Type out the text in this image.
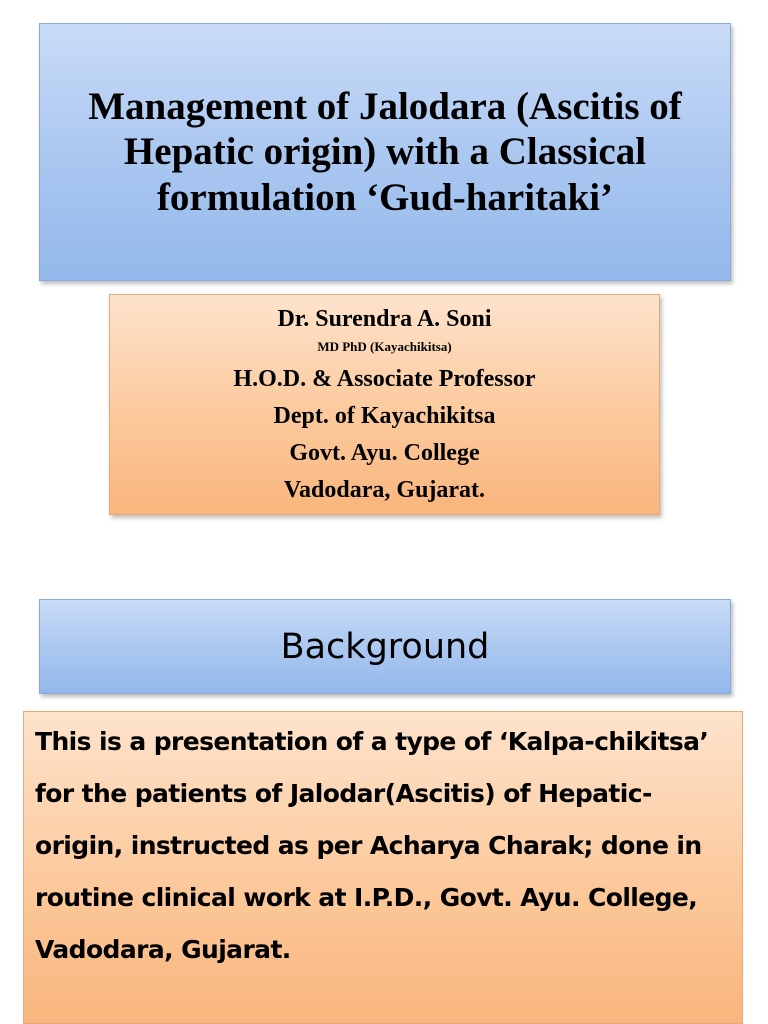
Management of Jalodara (Ascitis of Hepatic origin) with a Classical formulation ‘Gud-haritaki’
Dr. Surendra A. Soni
MD PhD (Kayachikitsa)
H.O.D. & Associate Professor
Dept. of Kayachikitsa
Govt. Ayu. College
Vadodara, Gujarat.
Background

This is a presentation of a type of ‘Kalpa-chikitsa’ for the patients of Jalodar(Ascitis) of Hepatic-origin, instructed as per Acharya Charak; done in routine clinical work at I.P.D., Govt. Ayu. College, Vadodara, Gujarat.
